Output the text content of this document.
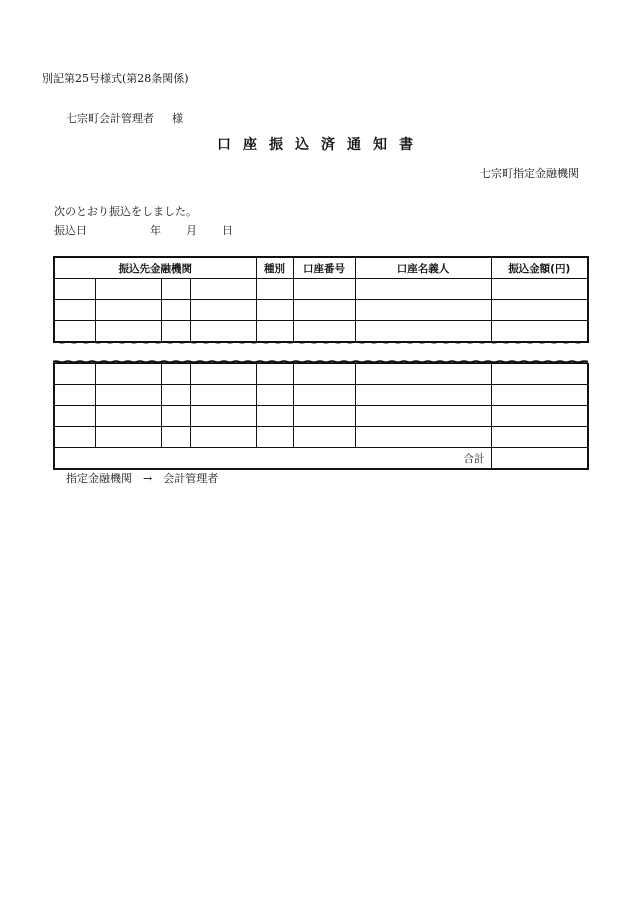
別記第25号様式(第28条関係)
七宗町会計管理者 様
口座振込済通知書
七宗町指定金融機関
次のとおり振込をしました。
振込日	年 月 日
振込先金融機関				種別	口座番号	口座名義人	振込金額(円)

合計							
指定金融機関　→　会計管理者
